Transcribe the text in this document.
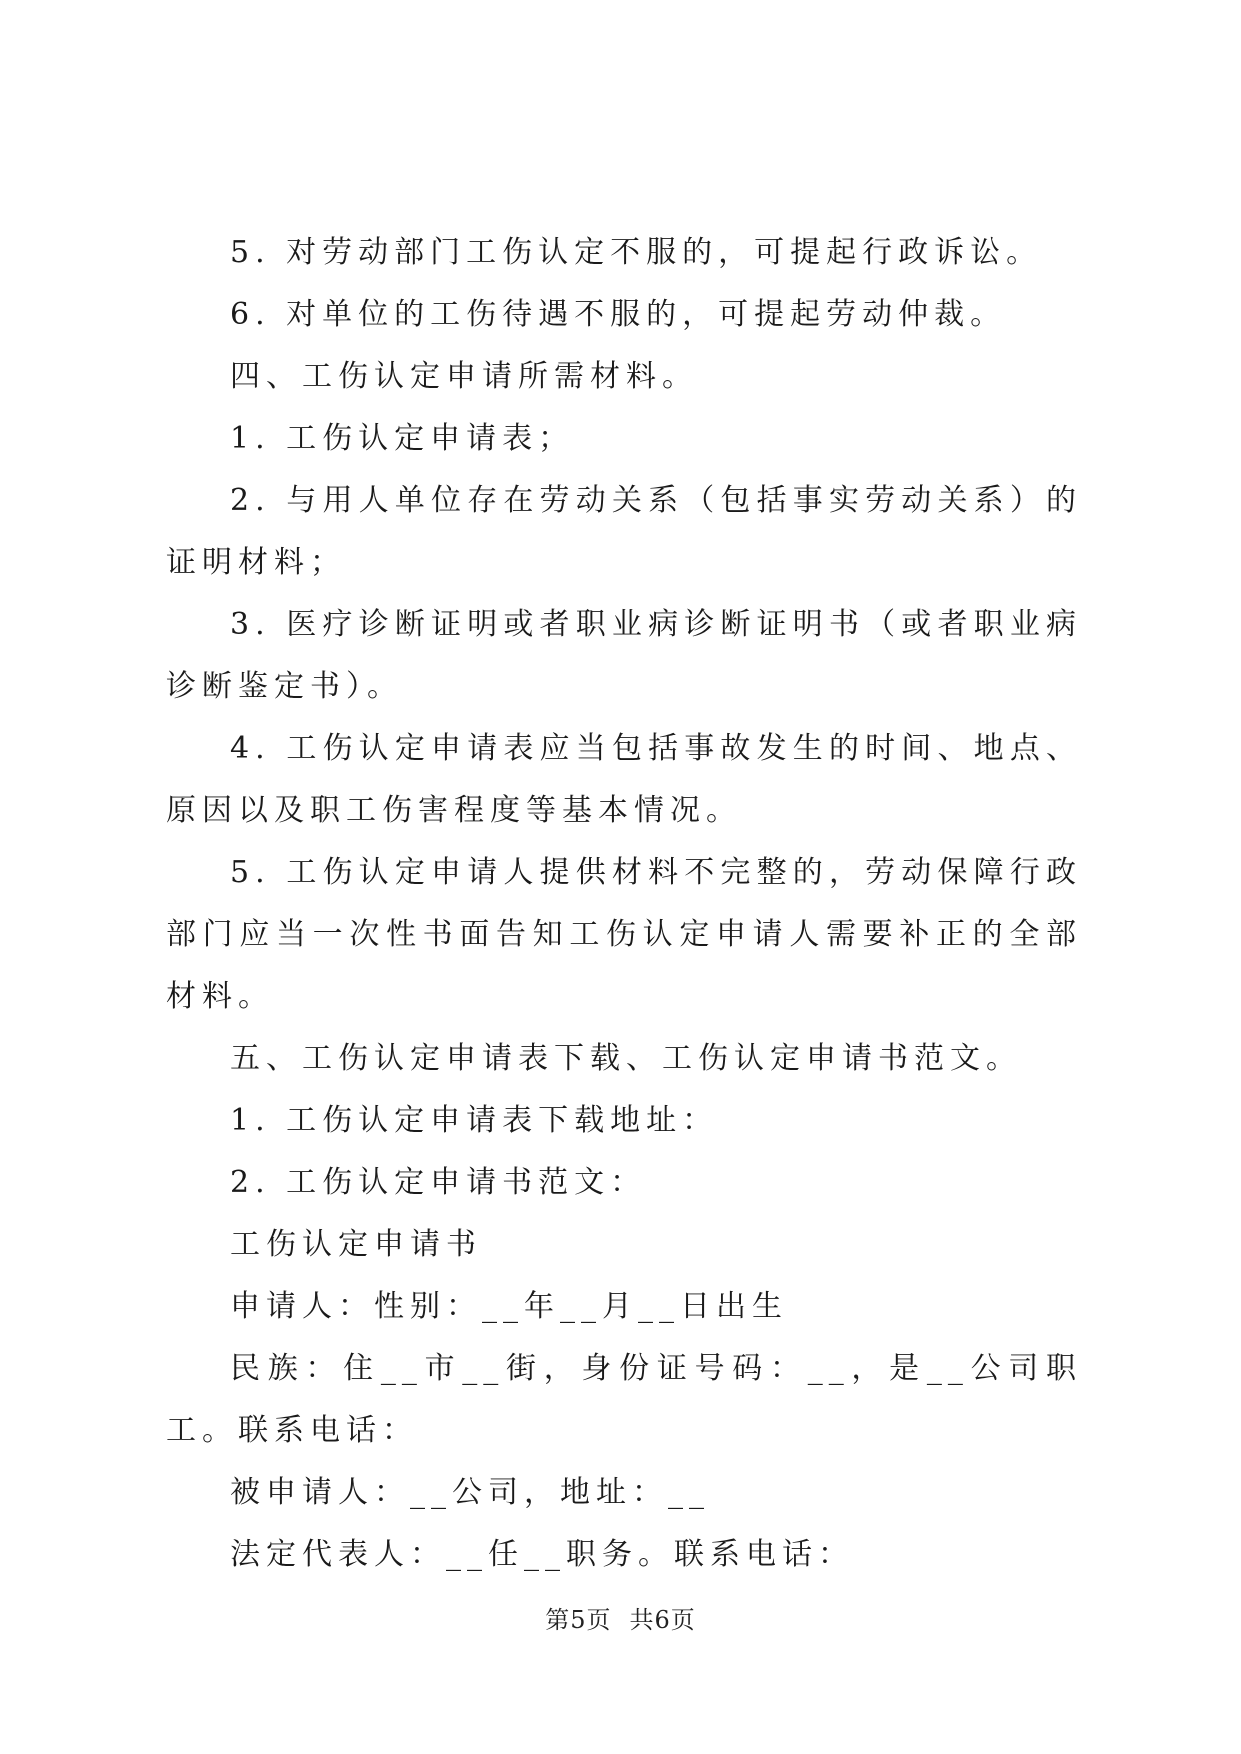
5. 对劳动部门工伤认定不服的，可提起行政诉讼。

6. 对单位的工伤待遇不服的，可提起劳动仲裁。

四、工伤认定申请所需材料。

1. 工伤认定申请表；

2. 与用人单位存在劳动关系（包括事实劳动关系）的证明材料；

3. 医疗诊断证明或者职业病诊断证明书（或者职业病诊断鉴定书）。

4. 工伤认定申请表应当包括事故发生的时间、地点、原因以及职工伤害程度等基本情况。

5. 工伤认定申请人提供材料不完整的，劳动保障行政部门应当一次性书面告知工伤认定申请人需要补正的全部材料。

五、工伤认定申请表下载、工伤认定申请书范文。

1. 工伤认定申请表下载地址：

2. 工伤认定申请书范文：

工伤认定申请书

申请人：性别：__年__月__日出生

民族：住__市__街，身份证号码：__，是__公司职工。联系电话：

被申请人：__公司，地址：__

法定代表人：__任__职务。联系电话：

第5页 共6页
